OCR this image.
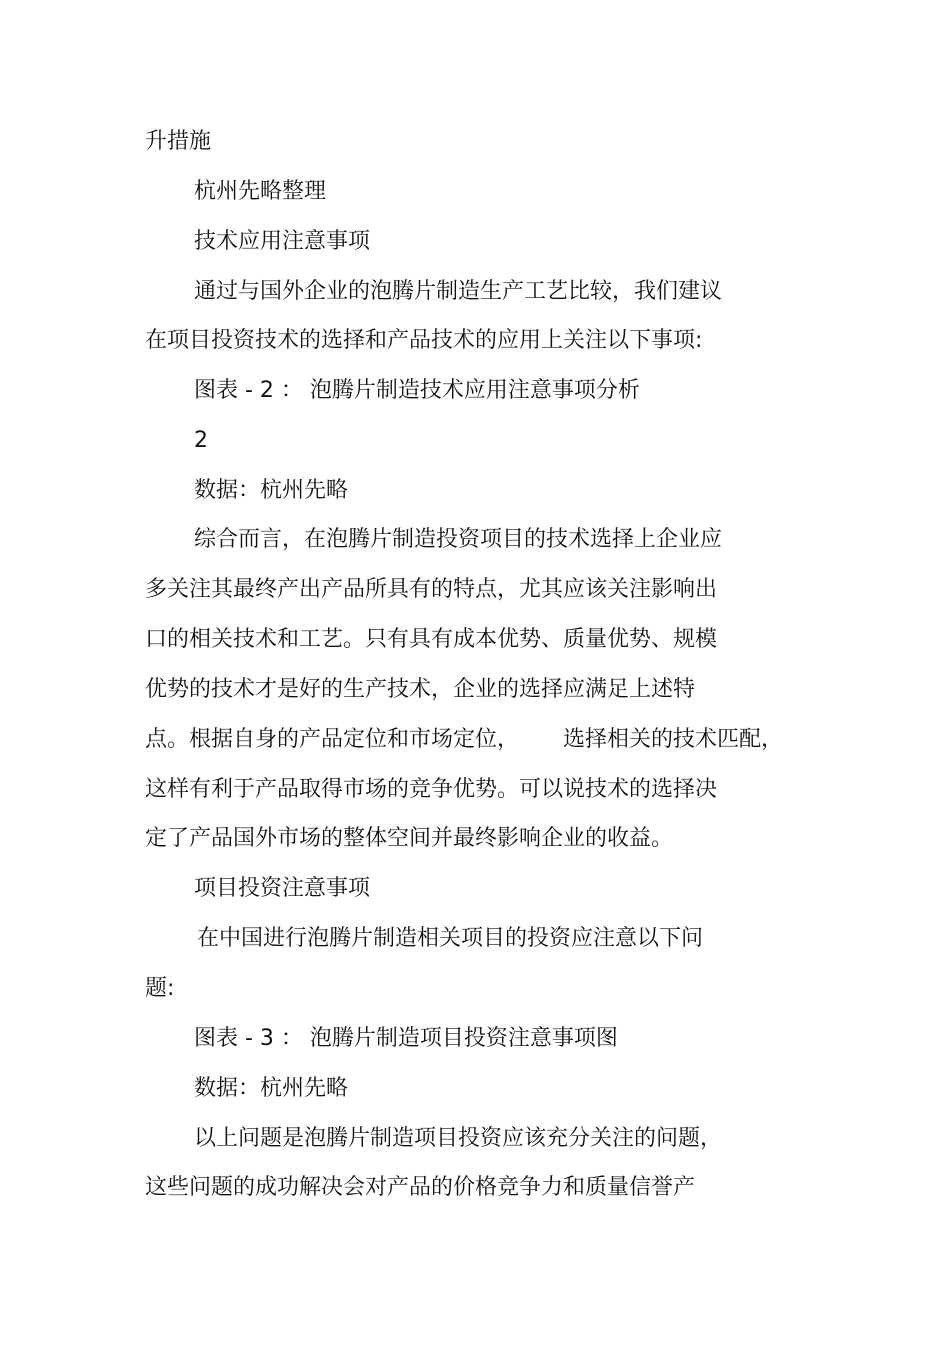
升措施
杭州先略整理
技术应用注意事项
通过与国外企业的泡腾片制造生产工艺比较，我们建议
在项目投资技术的选择和产品技术的应用上关注以下事项:
图表 - 2 ： 泡腾片制造技术应用注意事项分析
2
数据：杭州先略
综合而言，在泡腾片制造投资项目的技术选择上企业应
多关注其最终产出产品所具有的特点，尤其应该关注影响出
口的相关技术和工艺。只有具有成本优势、质量优势、规模
优势的技术才是好的生产技术，企业的选择应满足上述特
点。根据自身的产品定位和市场定位， 选择相关的技术匹配，
这样有利于产品取得市场的竞争优势。可以说技术的选择决
定了产品国外市场的整体空间并最终影响企业的收益。
项目投资注意事项
在中国进行泡腾片制造相关项目的投资应注意以下问
题:
图表 - 3 ： 泡腾片制造项目投资注意事项图
数据：杭州先略
以上问题是泡腾片制造项目投资应该充分关注的问题，
这些问题的成功解决会对产品的价格竞争力和质量信誉产
